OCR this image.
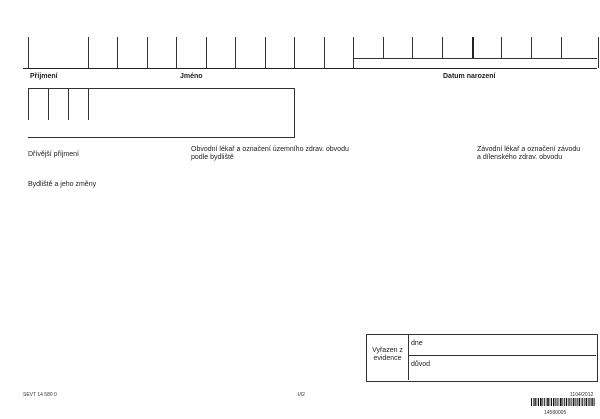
Příjmení	Jméno	Datum narození
Dřívější příjmení
Obvodní lékař a označení územního zdrav. obvodu podle bydliště
Závodní lékař a označení závodu a dílenského zdrav. obvodu
Bydliště a jeho změny
Vyřazen z evidence
dne
důvod
SEVT 14 580 0	I/I2	1104/2012
14580005
